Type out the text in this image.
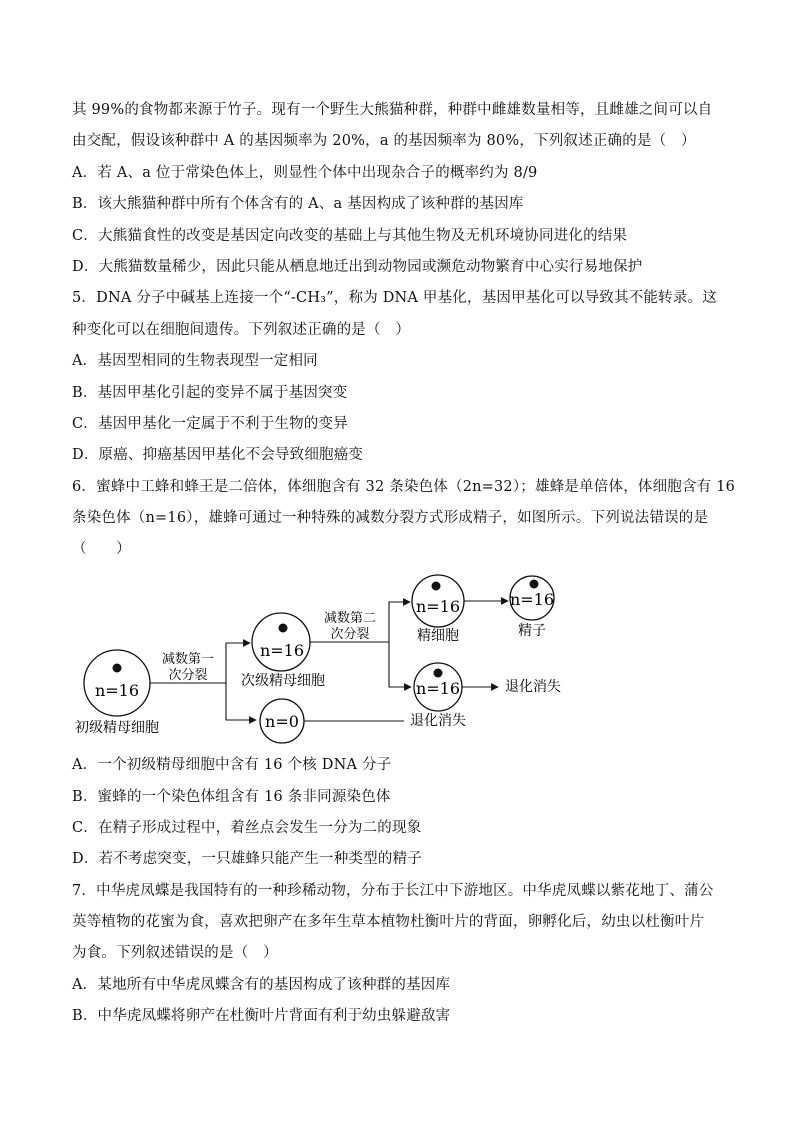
其 99%的食物都来源于竹子。现有一个野生大熊猫种群，种群中雌雄数量相等，且雌雄之间可以自
由交配，假设该种群中 A 的基因频率为 20%，a 的基因频率为 80%，下列叙述正确的是（　）
A．若 A、a 位于常染色体上，则显性个体中出现杂合子的概率约为 8/9
B．该大熊猫种群中所有个体含有的 A、a 基因构成了该种群的基因库
C．大熊猫食性的改变是基因定向改变的基础上与其他生物及无机环境协同进化的结果
D．大熊猫数量稀少，因此只能从栖息地迁出到动物园或濒危动物繁育中心实行易地保护
5．DNA 分子中碱基上连接一个“-CH₃”，称为 DNA 甲基化，基因甲基化可以导致其不能转录。这
种变化可以在细胞间遗传。下列叙述正确的是（　）
A．基因型相同的生物表现型一定相同
B．基因甲基化引起的变异不属于基因突变
C．基因甲基化一定属于不利于生物的变异
D．原癌、抑癌基因甲基化不会导致细胞癌变
6．蜜蜂中工蜂和蜂王是二倍体，体细胞含有 32 条染色体（2n=32）；雄蜂是单倍体，体细胞含有 16
条染色体（n=16），雄蜂可通过一种特殊的减数分裂方式形成精子，如图所示。下列说法错误的是
（　　）
n=16
初级精母细胞
减数第一
次分裂
n=16
次级精母细胞
n=0	退化消失
减数第二
次分裂
n=16
精细胞
n=16
精子
n=16	退化消失
A．一个初级精母细胞中含有 16 个核 DNA 分子
B．蜜蜂的一个染色体组含有 16 条非同源染色体
C．在精子形成过程中，着丝点会发生一分为二的现象
D．若不考虑突变，一只雄蜂只能产生一种类型的精子
7．中华虎凤蝶是我国特有的一种珍稀动物，分布于长江中下游地区。中华虎凤蝶以紫花地丁、蒲公
英等植物的花蜜为食，喜欢把卵产在多年生草本植物杜衡叶片的背面，卵孵化后，幼虫以杜衡叶片
为食。下列叙述错误的是（　）
A．某地所有中华虎凤蝶含有的基因构成了该种群的基因库
B．中华虎凤蝶将卵产在杜衡叶片背面有利于幼虫躲避敌害
